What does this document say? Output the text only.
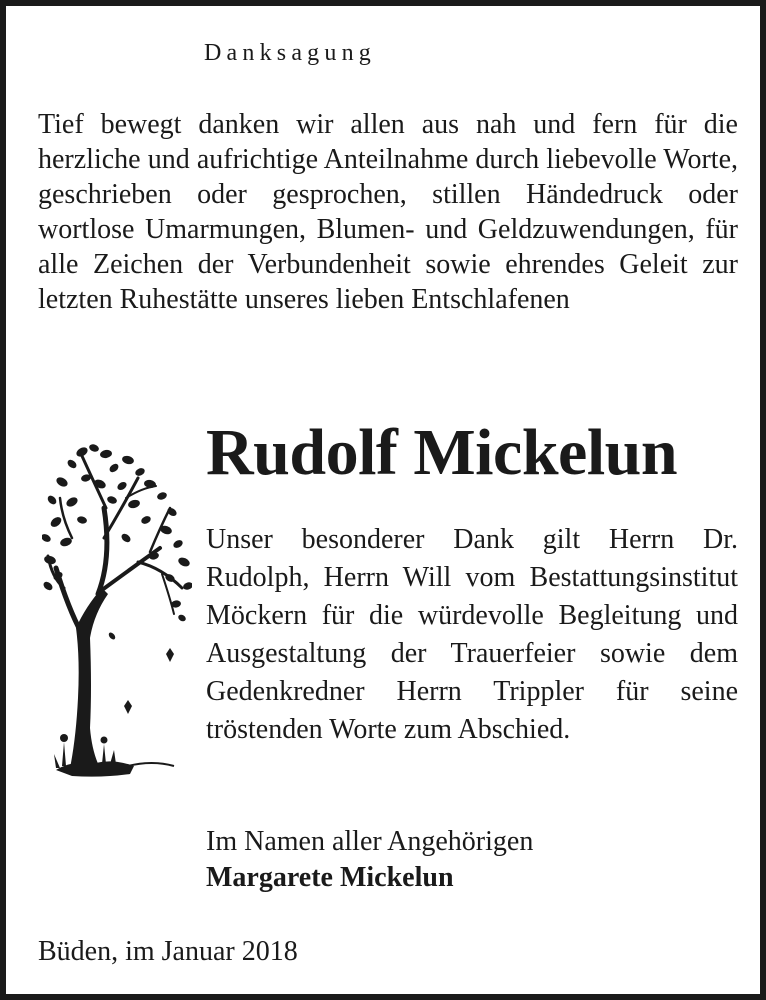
Danksagung

Tief bewegt danken wir allen aus nah und fern für die herzliche und aufrichtige Anteilnahme durch liebevolle Worte, geschrieben oder gesprochen, stillen Händedruck oder wortlose Umarmungen, Blumen- und Geldzuwendungen, für alle Zeichen der Verbundenheit sowie ehrendes Geleit zur letzten Ruhestätte unseres lieben Entschlafenen

Rudolf Mickelun

Unser besonderer Dank gilt Herrn Dr. Rudolph, Herrn Will vom Bestattungsinstitut Möckern für die würdevolle Begleitung und Ausgestaltung der Trauerfeier sowie dem Gedenkredner Herrn Trippler für seine tröstenden Worte zum Abschied.

Im Namen aller Angehörigen
Margarete Mickelun
Büden, im Januar 2018
